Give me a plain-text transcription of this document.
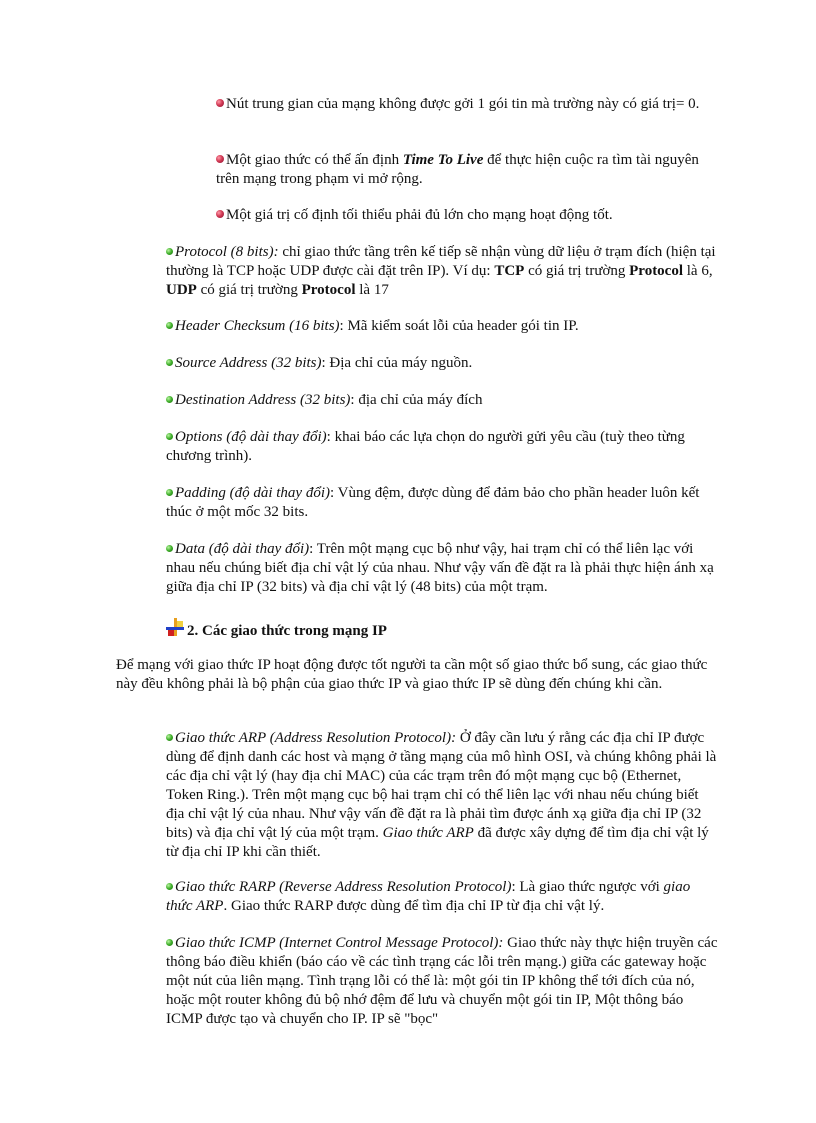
Nút trung gian của mạng không được gởi 1 gói tin mà trường này có giá trị= 0.

Một giao thức có thể ấn định Time To Live để thực hiện cuộc ra tìm tài nguyên trên mạng trong phạm vi mở rộng.

Một giá trị cố định tối thiểu phải đủ lớn cho mạng hoạt động tốt.

Protocol (8 bits): chỉ giao thức tầng trên kế tiếp sẽ nhận vùng dữ liệu ở trạm đích (hiện tại thường là TCP hoặc UDP được cài đặt trên IP). Ví dụ: TCP có giá trị trường Protocol là 6, UDP có giá trị trường Protocol là 17

Header Checksum (16 bits): Mã kiểm soát lỗi của header gói tin IP.

Source Address (32 bits): Địa chỉ của máy nguồn.

Destination Address (32 bits): địa chỉ của máy đích

Options (độ dài thay đổi): khai báo các lựa chọn do người gửi yêu cầu (tuỳ theo từng chương trình).

Padding (độ dài thay đổi): Vùng đệm, được dùng để đảm bảo cho phần header luôn kết thúc ở một mốc 32 bits.

Data (độ dài thay đổi): Trên một mạng cục bộ như vậy, hai trạm chỉ có thể liên lạc với nhau nếu chúng biết địa chỉ vật lý của nhau. Như vậy vấn đề đặt ra là phải thực hiện ánh xạ giữa địa chỉ IP (32 bits) và địa chỉ vật lý (48 bits) của một trạm.

2. Các giao thức trong mạng IP

Để mạng với giao thức IP hoạt động được tốt người ta cần một số giao thức bổ sung, các giao thức này đều không phải là bộ phận của giao thức IP và giao thức IP sẽ dùng đến chúng khi cần.

Giao thức ARP (Address Resolution Protocol): Ở đây cần lưu ý rằng các địa chỉ IP được dùng để định danh các host và mạng ở tầng mạng của mô hình OSI, và chúng không phải là các địa chỉ vật lý (hay địa chỉ MAC) của các trạm trên đó một mạng cục bộ (Ethernet, Token Ring.). Trên một mạng cục bộ hai trạm chỉ có thể liên lạc với nhau nếu chúng biết địa chỉ vật lý của nhau. Như vậy vấn đề đặt ra là phải tìm được ánh xạ giữa địa chỉ IP (32 bits) và địa chỉ vật lý của một trạm. Giao thức ARP đã được xây dựng để tìm địa chỉ vật lý từ địa chỉ IP khi cần thiết.

Giao thức RARP (Reverse Address Resolution Protocol): Là giao thức ngược với giao thức ARP. Giao thức RARP được dùng để tìm địa chỉ IP từ địa chỉ vật lý.

Giao thức ICMP (Internet Control Message Protocol): Giao thức này thực hiện truyền các thông báo điều khiển (báo cáo về các tình trạng các lỗi trên mạng.) giữa các gateway hoặc một nút của liên mạng. Tình trạng lỗi có thể là: một gói tin IP không thể tới đích của nó, hoặc một router không đủ bộ nhớ đệm để lưu và chuyển một gói tin IP, Một thông báo ICMP được tạo và chuyển cho IP. IP sẽ "bọc"
